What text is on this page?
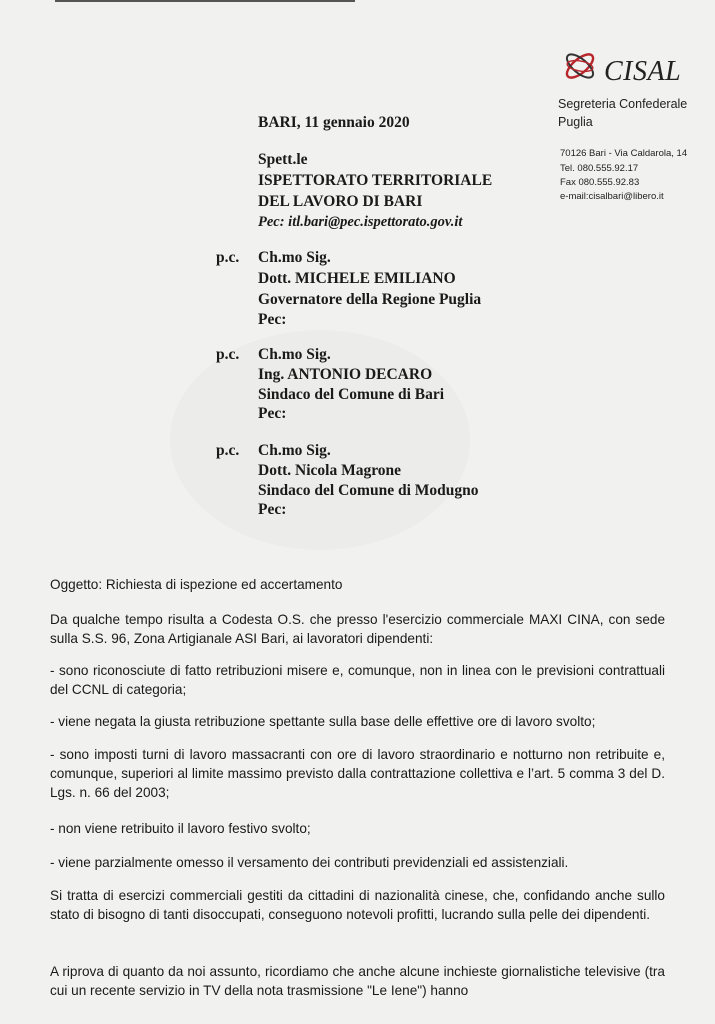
CISAL
Segreteria Confederale
Puglia
70126 Bari - Via Caldarola, 14
Tel. 080.555.92.17
Fax 080.555.92.83
e-mail:cisalbari@libero.it
BARI, 11 gennaio 2020
Spett.le
ISPETTORATO TERRITORIALE
DEL LAVORO DI BARI
Pec: itl.bari@pec.ispettorato.gov.it
p.c. Ch.mo Sig.
Dott. MICHELE EMILIANO
Governatore della Regione Puglia
Pec:
p.c. Ch.mo Sig.
Ing. ANTONIO DECARO
Sindaco del Comune di Bari
Pec:
p.c. Ch.mo Sig.
Dott. Nicola Magrone
Sindaco del Comune di Modugno
Pec:

Oggetto: Richiesta di ispezione ed accertamento

Da qualche tempo risulta a Codesta O.S. che presso l'esercizio commerciale MAXI CINA, con sede sulla S.S. 96, Zona Artigianale ASI Bari, ai lavoratori dipendenti:

- sono riconosciute di fatto retribuzioni misere e, comunque, non in linea con le previsioni contrattuali del CCNL di categoria;

- viene negata la giusta retribuzione spettante sulla base delle effettive ore di lavoro svolto;

- sono imposti turni di lavoro massacranti con ore di lavoro straordinario e notturno non retribuite e, comunque, superiori al limite massimo previsto dalla contrattazione collettiva e l’art. 5 comma 3 del D. Lgs. n. 66 del 2003;

- non viene retribuito il lavoro festivo svolto;

- viene parzialmente omesso il versamento dei contributi previdenziali ed assistenziali.

Si tratta di esercizi commerciali gestiti da cittadini di nazionalità cinese, che, confidando anche sullo stato di bisogno di tanti disoccupati, conseguono notevoli profitti, lucrando sulla pelle dei dipendenti.

A riprova di quanto da noi assunto, ricordiamo che anche alcune inchieste giornalistiche televisive (tra cui un recente servizio in TV della nota trasmissione "Le Iene") hanno
